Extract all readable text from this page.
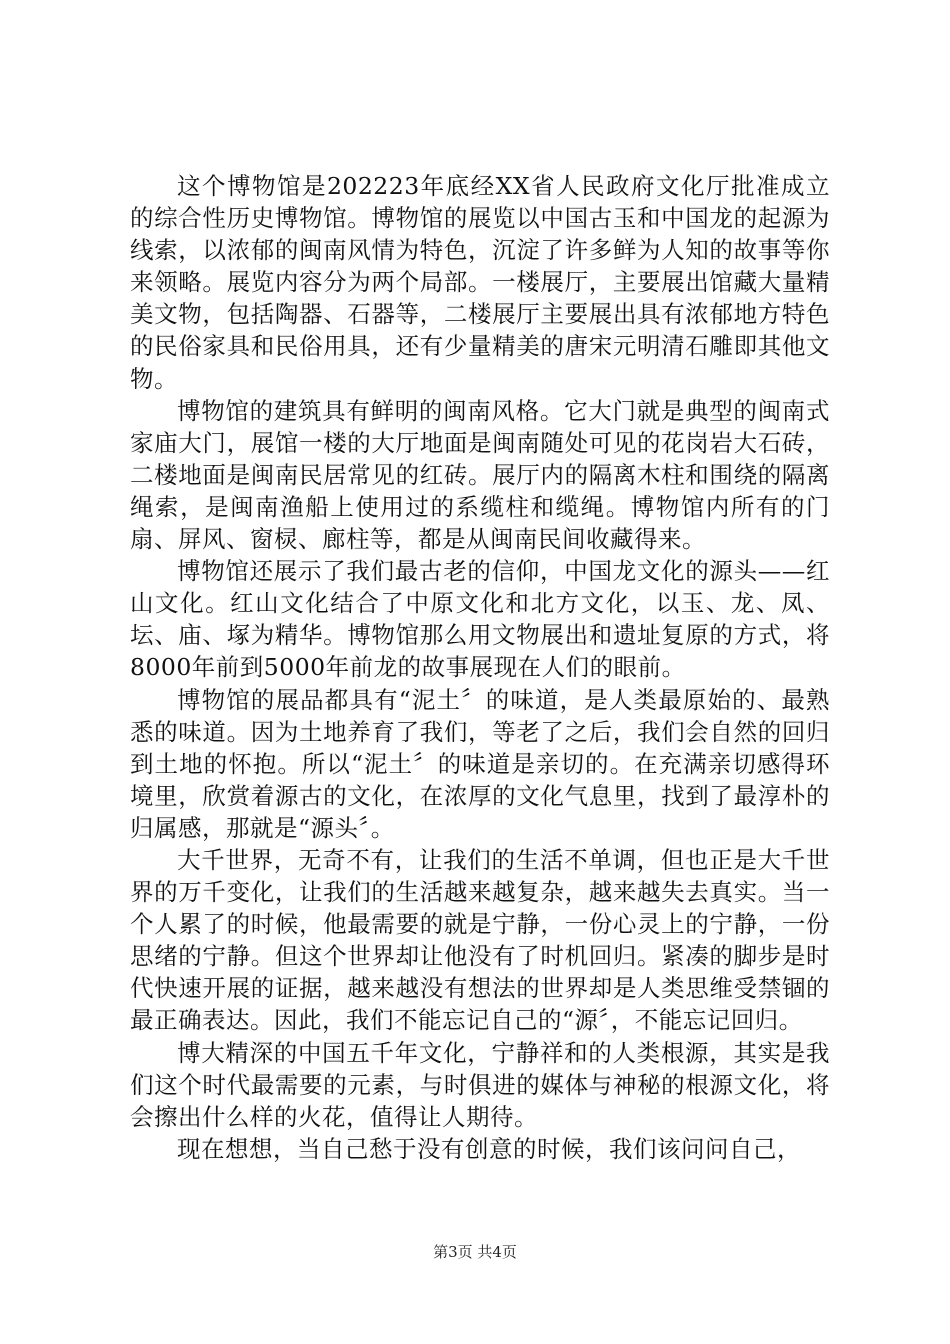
这个博物馆是202223年底经XX省人民政府文化厅批准成立的综合性历史博物馆。博物馆的展览以中国古玉和中国龙的起源为线索，以浓郁的闽南风情为特色，沉淀了许多鲜为人知的故事等你来领略。展览内容分为两个局部。一楼展厅，主要展出馆藏大量精美文物，包括陶器、石器等，二楼展厅主要展出具有浓郁地方特色的民俗家具和民俗用具，还有少量精美的唐宋元明清石雕即其他文物。

博物馆的建筑具有鲜明的闽南风格。它大门就是典型的闽南式家庙大门，展馆一楼的大厅地面是闽南随处可见的花岗岩大石砖，二楼地面是闽南民居常见的红砖。展厅内的隔离木柱和围绕的隔离绳索，是闽南渔船上使用过的系缆柱和缆绳。博物馆内所有的门扇、屏风、窗棂、廊柱等，都是从闽南民间收藏得来。

博物馆还展示了我们最古老的信仰，中国龙文化的源头——红山文化。红山文化结合了中原文化和北方文化，以玉、龙、凤、坛、庙、塚为精华。博物馆那么用文物展出和遗址复原的方式，将8000年前到5000年前龙的故事展现在人们的眼前。

博物馆的展品都具有“泥土〞的味道，是人类最原始的、最熟悉的味道。因为土地养育了我们，等老了之后，我们会自然的回归到土地的怀抱。所以“泥土〞的味道是亲切的。在充满亲切感得环境里，欣赏着源古的文化，在浓厚的文化气息里，找到了最淳朴的归属感，那就是“源头〞。

大千世界，无奇不有，让我们的生活不单调，但也正是大千世界的万千变化，让我们的生活越来越复杂，越来越失去真实。当一个人累了的时候，他最需要的就是宁静，一份心灵上的宁静，一份思绪的宁静。但这个世界却让他没有了时机回归。紧凑的脚步是时代快速开展的证据，越来越没有想法的世界却是人类思维受禁锢的最正确表达。因此，我们不能忘记自己的“源〞，不能忘记回归。

博大精深的中国五千年文化，宁静祥和的人类根源，其实是我们这个时代最需要的元素，与时俱进的媒体与神秘的根源文化，将会擦出什么样的火花，值得让人期待。

现在想想，当自己愁于没有创意的时候，我们该问问自己，

第3页 共4页
